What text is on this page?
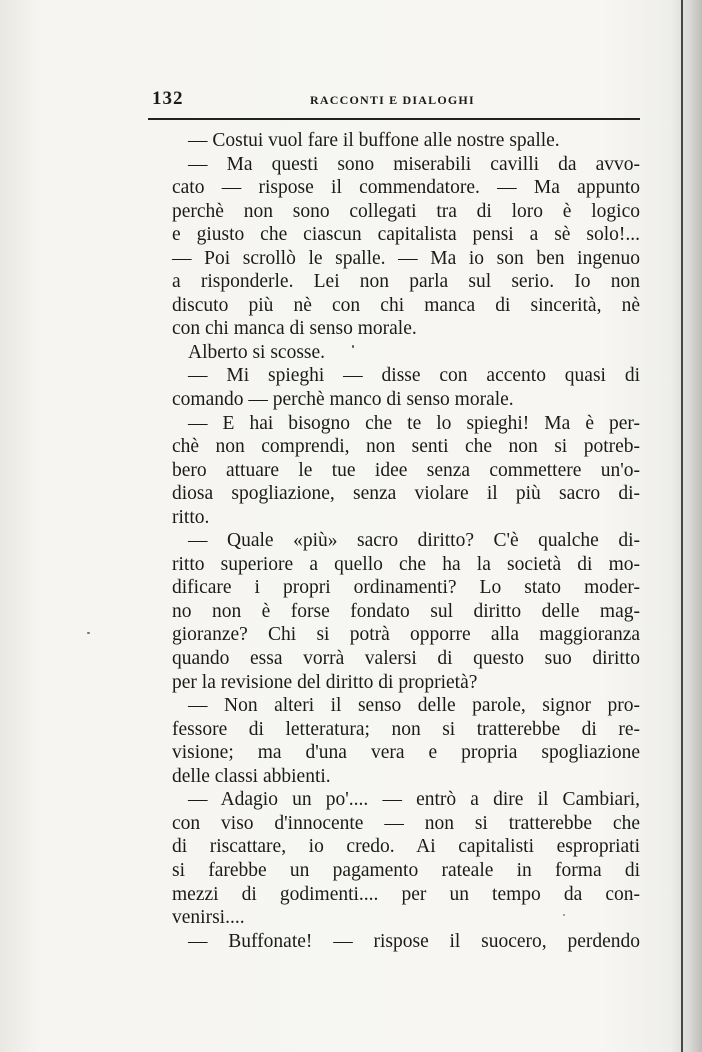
132	RACCONTI E DIALOGHI
— Costui vuol fare il buffone alle nostre spalle.
— Ma questi sono miserabili cavilli da avvo-
cato — rispose il commendatore. — Ma appunto
perchè non sono collegati tra di loro è logico
e giusto che ciascun capitalista pensi a sè solo!...
— Poi scrollò le spalle. — Ma io son ben ingenuo
a risponderle. Lei non parla sul serio. Io non
discuto più nè con chi manca di sincerità, nè
con chi manca di senso morale.
Alberto si scosse.
— Mi spieghi — disse con accento quasi di
comando — perchè manco di senso morale.
— E hai bisogno che te lo spieghi! Ma è per-
chè non comprendi, non senti che non si potreb-
bero attuare le tue idee senza commettere un'o-
diosa spogliazione, senza violare il più sacro di-
ritto.
— Quale «più» sacro diritto? C'è qualche di-
ritto superiore a quello che ha la società di mo-
dificare i propri ordinamenti? Lo stato moder-
no non è forse fondato sul diritto delle mag-
gioranze? Chi si potrà opporre alla maggioranza
quando essa vorrà valersi di questo suo diritto
per la revisione del diritto di proprietà?
— Non alteri il senso delle parole, signor pro-
fessore di letteratura; non si tratterebbe di re-
visione; ma d'una vera e propria spogliazione
delle classi abbienti.
— Adagio un po'.... — entrò a dire il Cambiari,
con viso d'innocente — non si tratterebbe che
di riscattare, io credo. Ai capitalisti espropriati
si farebbe un pagamento rateale in forma di
mezzi di godimenti.... per un tempo da con-
venirsi....
— Buffonate! — rispose il suocero, perdendo
